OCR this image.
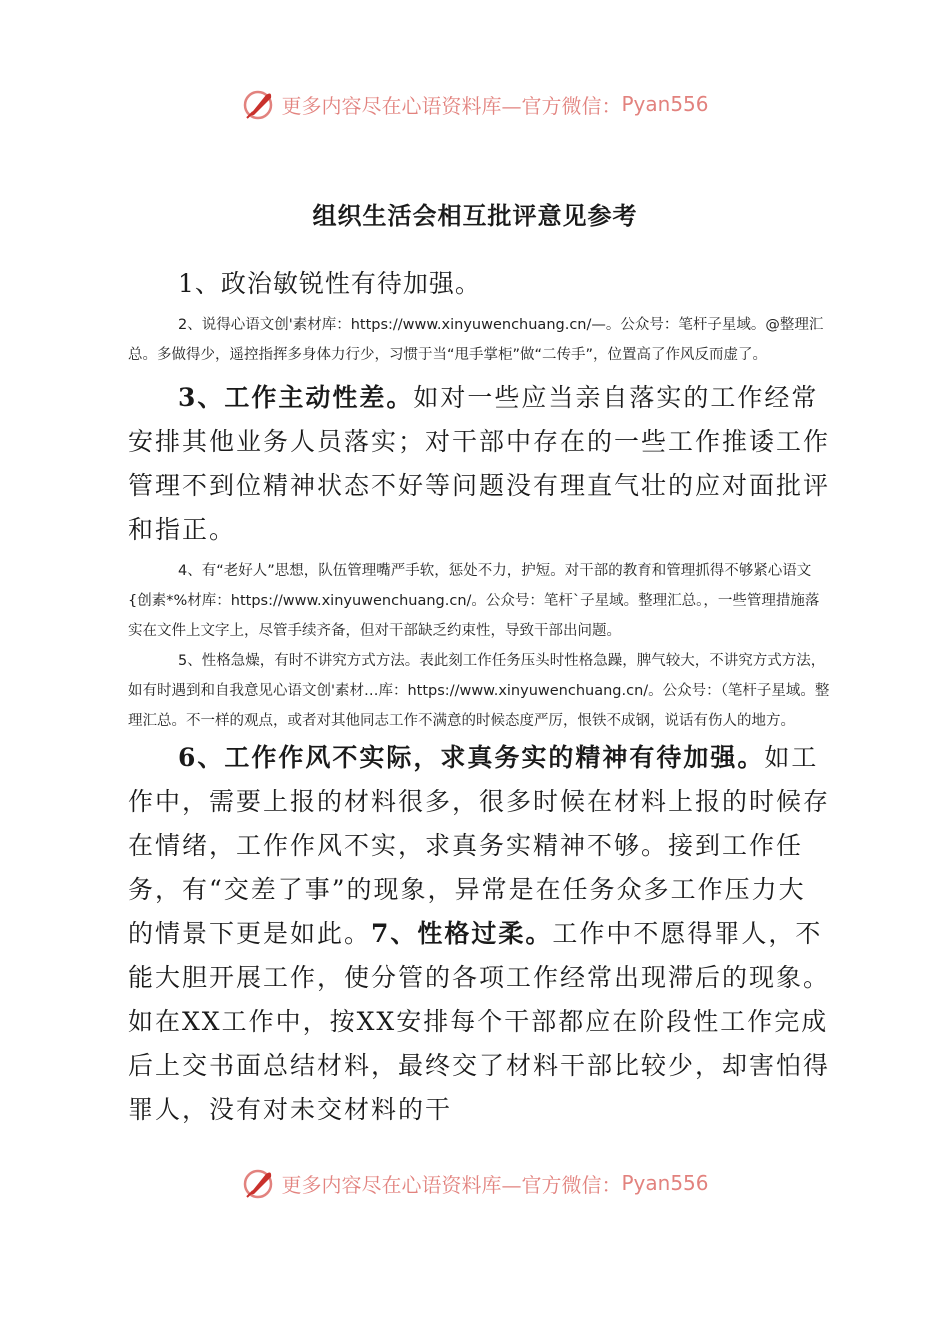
更多内容尽在心语资料库—官方微信： Pyan556
组织生活会相互批评意见参考

1、政治敏锐性有待加强。

2、说得心语文创'素材库：https://www.xinyuwenchuang.cn/—。公众号：笔杆子星域。@整理汇总。多做得少，遥控指挥多身体力行少，习惯于当“甩手掌柜”做“二传手”，位置高了作风反而虚了。

3、工作主动性差。如对一些应当亲自落实的工作经常安排其他业务人员落实；对干部中存在的一些工作推诿工作管理不到位精神状态不好等问题没有理直气壮的应对面批评和指正。

4、有“老好人”思想，队伍管理嘴严手软，惩处不力，护短。对干部的教育和管理抓得不够紧心语文{创素*%材库：https://www.xinyuwenchuang.cn/。公众号：笔杆`子星域。整理汇总。，一些管理措施落实在文件上文字上，尽管手续齐备，但对干部缺乏约束性，导致干部出问题。

5、性格急燥，有时不讲究方式方法。表此刻工作任务压头时性格急躁，脾气较大，不讲究方式方法，如有时遇到和自我意见心语文创'素材…库：https://www.xinyuwenchuang.cn/。公众号：（笔杆子星域。整理汇总。不一样的观点，或者对其他同志工作不满意的时候态度严厉，恨铁不成钢，说话有伤人的地方。

6、工作作风不实际，求真务实的精神有待加强。如工作中，需要上报的材料很多，很多时候在材料上报的时候存在情绪，工作作风不实，求真务实精神不够。接到工作任务，有“交差了事”的现象，异常是在任务众多工作压力大的情景下更是如此。7、性格过柔。工作中不愿得罪人，不能大胆开展工作，使分管的各项工作经常出现滞后的现象。如在XX工作中，按XX安排每个干部都应在阶段性工作完成后上交书面总结材料，最终交了材料干部比较少，却害怕得罪人，没有对未交材料的干

更多内容尽在心语资料库—官方微信： Pyan556
